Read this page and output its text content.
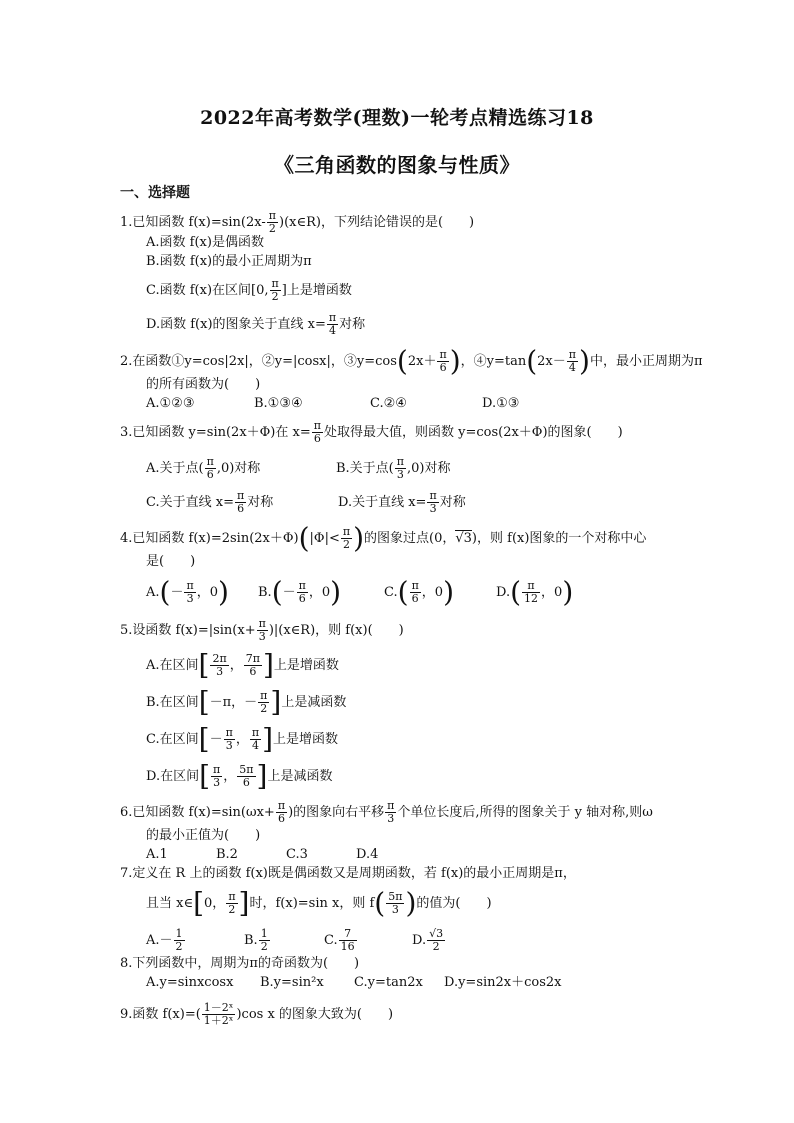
2022年高考数学(理数)一轮考点精选练习18
《三角函数的图象与性质》
一、选择题
1.已知函数 $f(x)=\sin(2x- \frac{\pi}{2}$ )(x∈R)，下列结论错误的是(　　)
A.函数 f(x)是偶函数
B.函数 f(x)的最小正周期为π
C.函数 f(x)在区间[0, $\frac{\pi}{2}$ ]上是增函数
D.函数 f(x)的图象关于直线 $x= \frac{\pi}{4}$ 对称
2.在函数①y=cos|2x|，②y=|cosx|，③y=cos(2x＋ $\frac{\pi}{6}$ )，④y=tan(2x－ $\frac{\pi}{4}$ )中，最小正周期为π
的所有函数为(　　)
A.①②③	B.①③④	C.②④	D.①③
3.已知函数 y=sin(2x＋Φ)在 $x= \frac{\pi}{6}$ 处取得最大值，则函数 y=cos(2x＋Φ)的图象(　　)
A.关于点( $\frac{\pi}{6} ,0$)对称	B.关于点( $\frac{\pi}{3} ,0$)对称
C.关于直线 $x= \frac{\pi}{6}$ 对称	D.关于直线 $x= \frac{\pi}{3}$ 对称
4.已知函数 $f(x)=2\sin(2x+\Phi)(|\Phi|< \frac{\pi}{2}$ )的图象过点(0，√3)，则 f(x)图象的一个对称中心
是(　　)
$A.(- \frac{\pi}{3}$ ，0) $B.(- \frac{\pi}{6}$ ，0)	$C.( \frac{\pi}{6}$ ，0)	$D.( \frac{\pi}{12}$ ，0)
5.设函数 $f(x)=|\sin(x+ \frac{\pi}{3}$ )|(x∈R)，则 f(x)(　　)
A.在区间[ $\frac{2\pi}{3}$ ， $\frac{7\pi}{6}$ ]上是增函数
B.在区间[－π，－ $\frac{\pi}{2}$ ]上是减函数
C.在区间[－ $\frac{\pi}{3}$ ， $\frac{\pi}{4}$ ]上是增函数
D.在区间[ $\frac{\pi}{3}$ ， $\frac{5\pi}{6}$ ]上是减函数
6.已知函数 $f(x)=\sin(\omega x+ \frac{\pi}{6}$ )的图象向右平移 $\frac{\pi}{3}$ 个单位长度后,所得的图象关于 y 轴对称,则ω
的最小正值为(　　)
A.1	B.2	C.3	D.4
7.定义在 R 上的函数 f(x)既是偶函数又是周期函数，若 f(x)的最小正周期是π，
且当 x∈[0， $\frac{\pi}{2}$ ]时，f(x)=sin x，则 $f( \frac{5\pi}{3}$ )的值为(　　)
$A.- \frac{1}{2}$	B. $\frac{1}{2}$	C. $\frac{7}{16}$	D. $\frac{√3}{2}$
8.下列函数中，周期为π的奇函数为(　　)
A.y=sinxcosx B.y=sin²x C.y=tan2x D.y=sin2x＋cos2x
9.函数 $f(x)=( \frac{\text{1－2ˣ}}{\text{1＋2ˣ}} )\cos$ x 的图象大致为(　　)
